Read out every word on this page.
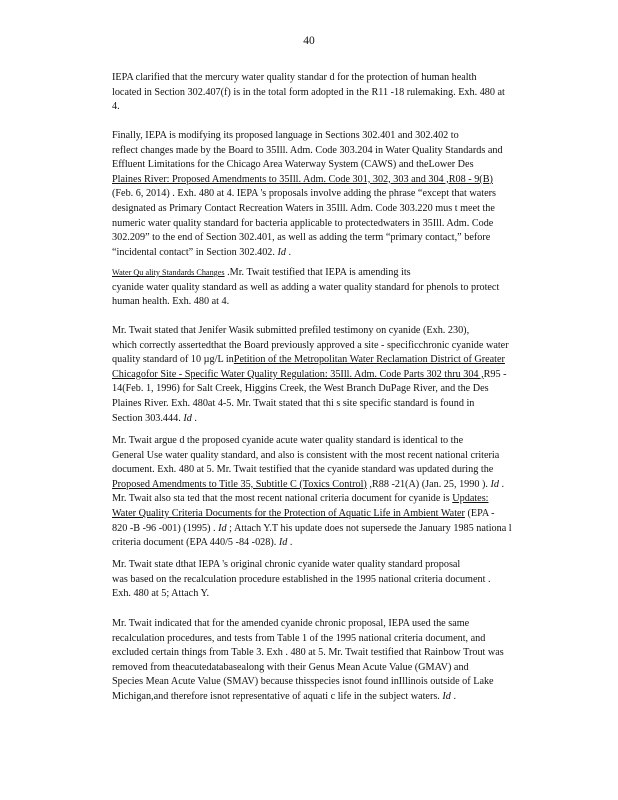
40

IEPA clarified that the mercury water quality standar d for the protection of human health
located in Section 302.407(f) is in the total form adopted in the R11 -18 rulemaking. Exh. 480 at
4.

Finally, IEPA is modifying its proposed language in Sections 302.401 and 302.402 to
reflect changes made by the Board to 35Ill. Adm. Code 303.204 in Water Quality Standards and
Effluent Limitations for the Chicago Area Waterway System (CAWS) and theLower Des
Plaines River: Proposed Amendments to 35Ill. Adm. Code 301, 302, 303 and 304 ,R08 - 9(B)
(Feb. 6, 2014) . Exh. 480 at 4. IEPA 's proposals involve adding the phrase “except that waters
designated as Primary Contact Recreation Waters in 35Ill. Adm. Code 303.220 mus t meet the
numeric water quality standard for bacteria applicable to protectedwaters in 35Ill. Adm. Code
302.209” to the end of Section 302.401, as well as adding the term “primary contact,” before
“incidental contact” in Section 302.402. Id .

Water Qu ality Standards Changes .Mr. Twait testified that IEPA is amending its
cyanide water quality standard as well as adding a water quality standard for phenols to protect
human health. Exh. 480 at 4.

Mr. Twait stated that Jenifer Wasik submitted prefiled testimony on cyanide (Exh. 230),
which correctly assertedthat the Board previously approved a site - specificchronic cyanide water
quality standard of 10 µg/L inPetition of the Metropolitan Water Reclamation District of Greater
Chicagofor Site - Specific Water Quality Regulation: 35Ill. Adm. Code Parts 302 thru 304 ,R95 -
14(Feb. 1, 1996) for Salt Creek, Higgins Creek, the West Branch DuPage River, and the Des
Plaines River. Exh. 480at 4-5. Mr. Twait stated that thi s site specific standard is found in
Section 303.444. Id .

Mr. Twait argue d the proposed cyanide acute water quality standard is identical to the
General Use water quality standard, and also is consistent with the most recent national criteria
document. Exh. 480 at 5. Mr. Twait testified that the cyanide standard was updated during the
Proposed Amendments to Title 35, Subtitle C (Toxics Control) ,R88 -21(A) (Jan. 25, 1990 ). Id .
Mr. Twait also sta ted that the most recent national criteria document for cyanide is Updates:
Water Quality Criteria Documents for the Protection of Aquatic Life in Ambient Water (EPA -
820 -B -96 -001) (1995) . Id ; Attach Y.T his update does not supersede the January 1985 nationa l
criteria document (EPA 440/5 -84 -028). Id .

Mr. Twait state dthat IEPA 's original chronic cyanide water quality standard proposal
was based on the recalculation procedure established in the 1995 national criteria document .
Exh. 480 at 5; Attach Y.

Mr. Twait indicated that for the amended cyanide chronic proposal, IEPA used the same
recalculation procedures, and tests from Table 1 of the 1995 national criteria document, and
excluded certain things from Table 3. Exh . 480 at 5. Mr. Twait testified that Rainbow Trout was
removed from theacutedatabasealong with their Genus Mean Acute Value (GMAV) and
Species Mean Acute Value (SMAV) because thisspecies isnot found inIllinois outside of Lake
Michigan,and therefore isnot representative of aquati c life in the subject waters. Id .
